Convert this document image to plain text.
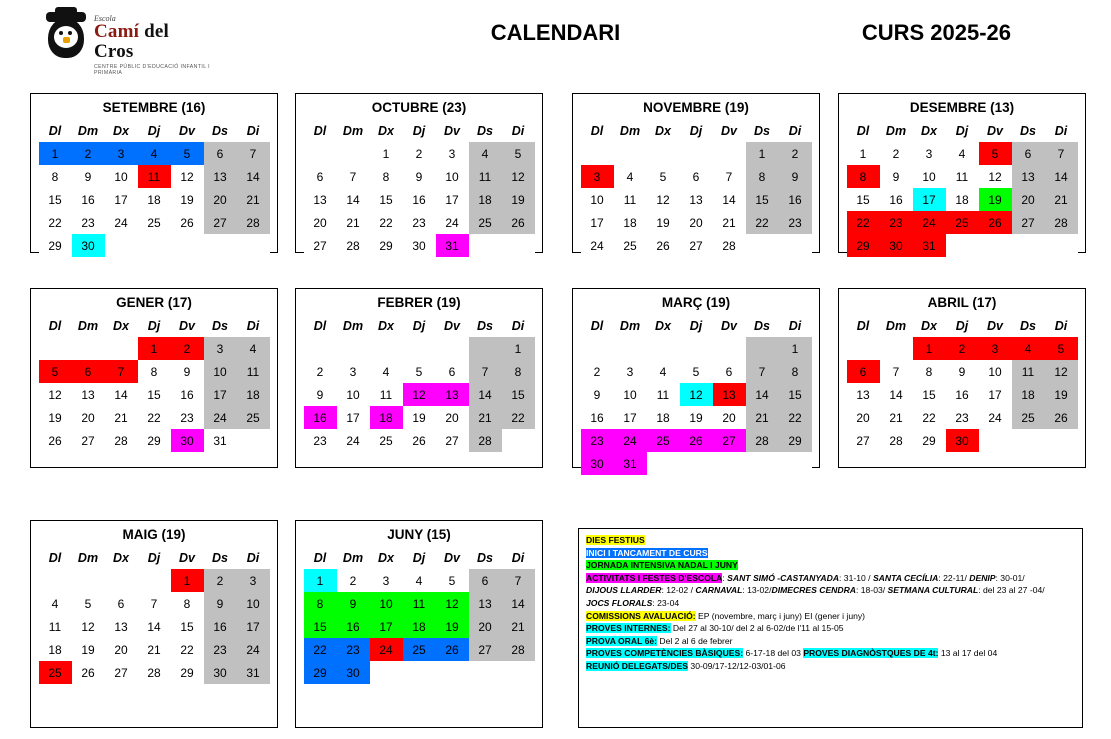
Escola
Camí del Cros
CENTRE PÚBLIC D'EDUCACIÓ INFANTIL I PRIMÀRIA
CALENDARI	CURS 2025-26
SETEMBRE (16)
Dl	Dm	Dx	Dj	Dv	Ds	Di
1	2	3	4	5	6	7
8	9	10	11	12	13	14
15	16	17	18	19	20	21
22	23	24	25	26	27	28
29	30					
OCTUBRE (23)
Dl	Dm	Dx	Dj	Dv	Ds	Di
		1	2	3	4	5
6	7	8	9	10	11	12
13	14	15	16	17	18	19
20	21	22	23	24	25	26
27	28	29	30	31		
NOVEMBRE (19)
Dl	Dm	Dx	Dj	Dv	Ds	Di
					1	2
3	4	5	6	7	8	9
10	11	12	13	14	15	16
17	18	19	20	21	22	23
24	25	26	27	28		
DESEMBRE (13)
Dl	Dm	Dx	Dj	Dv	Ds	Di
1	2	3	4	5	6	7
8	9	10	11	12	13	14
15	16	17	18	19	20	21
22	23	24	25	26	27	28
29	30	31				
GENER (17)
Dl	Dm	Dx	Dj	Dv	Ds	Di
			1	2	3	4
5	6	7	8	9	10	11
12	13	14	15	16	17	18
19	20	21	22	23	24	25
26	27	28	29	30	31	
FEBRER (19)
Dl	Dm	Dx	Dj	Dv	Ds	Di
						1
2	3	4	5	6	7	8
9	10	11	12	13	14	15
16	17	18	19	20	21	22
23	24	25	26	27	28	
MARÇ (19)
Dl	Dm	Dx	Dj	Dv	Ds	Di
						1
2	3	4	5	6	7	8
9	10	11	12	13	14	15
16	17	18	19	20	21	22
23	24	25	26	27	28	29
30	31					
ABRIL (17)
Dl	Dm	Dx	Dj	Dv	Ds	Di
		1	2	3	4	5
6	7	8	9	10	11	12
13	14	15	16	17	18	19
20	21	22	23	24	25	26
27	28	29	30			
MAIG (19)
Dl	Dm	Dx	Dj	Dv	Ds	Di
				1	2	3
4	5	6	7	8	9	10
11	12	13	14	15	16	17
18	19	20	21	22	23	24
25	26	27	28	29	30	31
JUNY (15)
Dl	Dm	Dx	Dj	Dv	Ds	Di
1	2	3	4	5	6	7
8	9	10	11	12	13	14
15	16	17	18	19	20	21
22	23	24	25	26	27	28
29	30					
DIES FESTIUS
INICI I TANCAMENT DE CURS
JORNADA INTENSIVA NADAL I JUNY
ACTIVITATS I FESTES D'ESCOLA: SANT SIMÓ -CASTANYADA: 31-10 / SANTA CECÍLIA: 22-11/ DENIP: 30-01/
DIJOUS LLARDER: 12-02 / CARNAVAL: 13-02/DIMECRES CENDRA: 18-03/ SETMANA CULTURAL: del 23 al 27 -04/
JOCS FLORALS: 23-04
COMISSIONS AVALUACIÓ: EP (novembre, març i juny) EI (gener i juny)
PROVES INTERNES: Del 27 al 30-10/ del 2 al 6-02/de l'11 al 15-05
PROVA ORAL 6è: Del 2 al 6 de febrer
PROVES COMPETÈNCIES BÀSIQUES: 6-17-18 del 03 PROVES DIAGNÒSTQUES DE 4t: 13 al 17 del 04
REUNIÓ DELEGATS/DES 30-09/17-12/12-03/01-06
